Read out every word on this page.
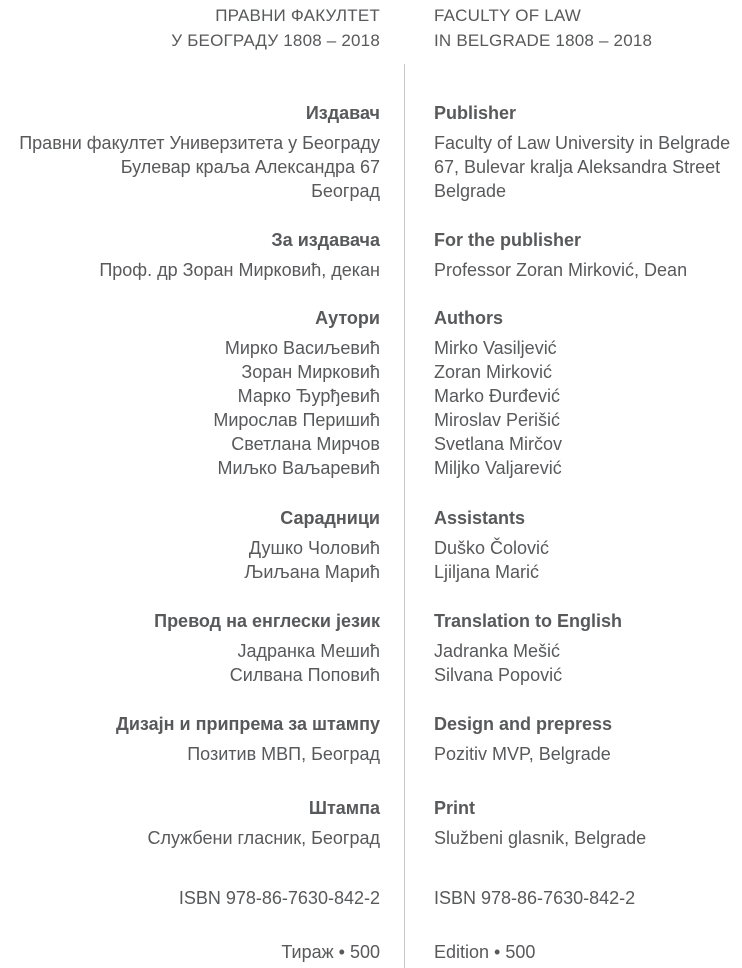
ПРАВНИ ФАКУЛТЕТ
У БЕОГРАДУ 1808 – 2018
Издавач
Правни факултет Универзитета у Београду
Булевар краља Александра 67
Београд
За издавача
Проф. др Зоран Мирковић, декан
Аутори
Мирко Васиљевић
Зоран Мирковић
Марко Ђурђевић
Мирослав Перишић
Светлана Мирчов
Миљко Ваљаревић
Сарадници
Душко Чоловић
Љиљана Марић
Превод на енглески језик
Јадранка Мешић
Силвана Поповић
Дизајн и припрема за штампу
Позитив МВП, Београд
Штампа
Службени гласник, Београд
ISBN 978-86-7630-842-2
Тираж • 500
FACULTY OF LAW
IN BELGRADE 1808 – 2018
Publisher
Faculty of Law University in Belgrade
67, Bulevar kralja Aleksandra Street
Belgrade
For the publisher
Professor Zoran Mirković, Dean
Authors
Mirko Vasiljević
Zoran Mirković
Marko Đurđević
Miroslav Perišić
Svetlana Mirčov
Miljko Valjarević
Assistants
Duško Čolović
Ljiljana Marić
Translation to English
Jadranka Mešić
Silvana Popović
Design and prepress
Pozitiv MVP, Belgrade
Print
Službeni glasnik, Belgrade
ISBN 978-86-7630-842-2
Edition • 500
